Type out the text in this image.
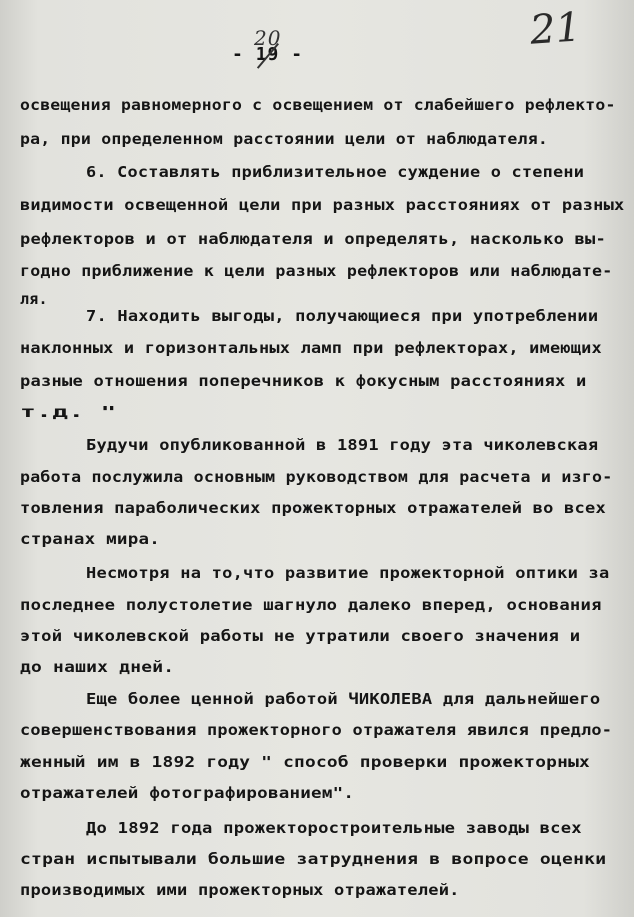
21
-
20
19 -
освещения равномерного с освещением от слабейшего рефлекто-
ра, при определенном расстоянии цели от наблюдателя.
6. Составлять приблизительное суждение о степени
видимости освещенной цели при разных расстояниях от разных
рефлекторов и от наблюдателя и определять, насколько вы-
годно приближение к цели разных рефлекторов или наблюдате-
ля.
7. Находить выгоды, получающиеся при употреблении
наклонных и горизонтальных ламп при рефлекторах, имеющих
разные отношения поперечников к фокусным расстояниях и
т.д. "
Будучи опубликованной в 1891 году эта чиколевская
работа послужила основным руководством для расчета и изго-
товления параболических прожекторных отражателей во всех
странах мира.
Несмотря на то,что развитие прожекторной оптики за
последнее полустолетие шагнуло далеко вперед, основания
этой чиколевской работы не утратили своего значения и
до наших дней.
Еще более ценной работой ЧИКОЛЕВА для дальнейшего
совершенствования прожекторного отражателя явился предло-
женный им в 1892 году " способ проверки прожекторных
отражателей фотографированием".
До 1892 года прожекторостроительные заводы всех
стран испытывали большие затруднения в вопросе оценки
производимых ими прожекторных отражателей.
